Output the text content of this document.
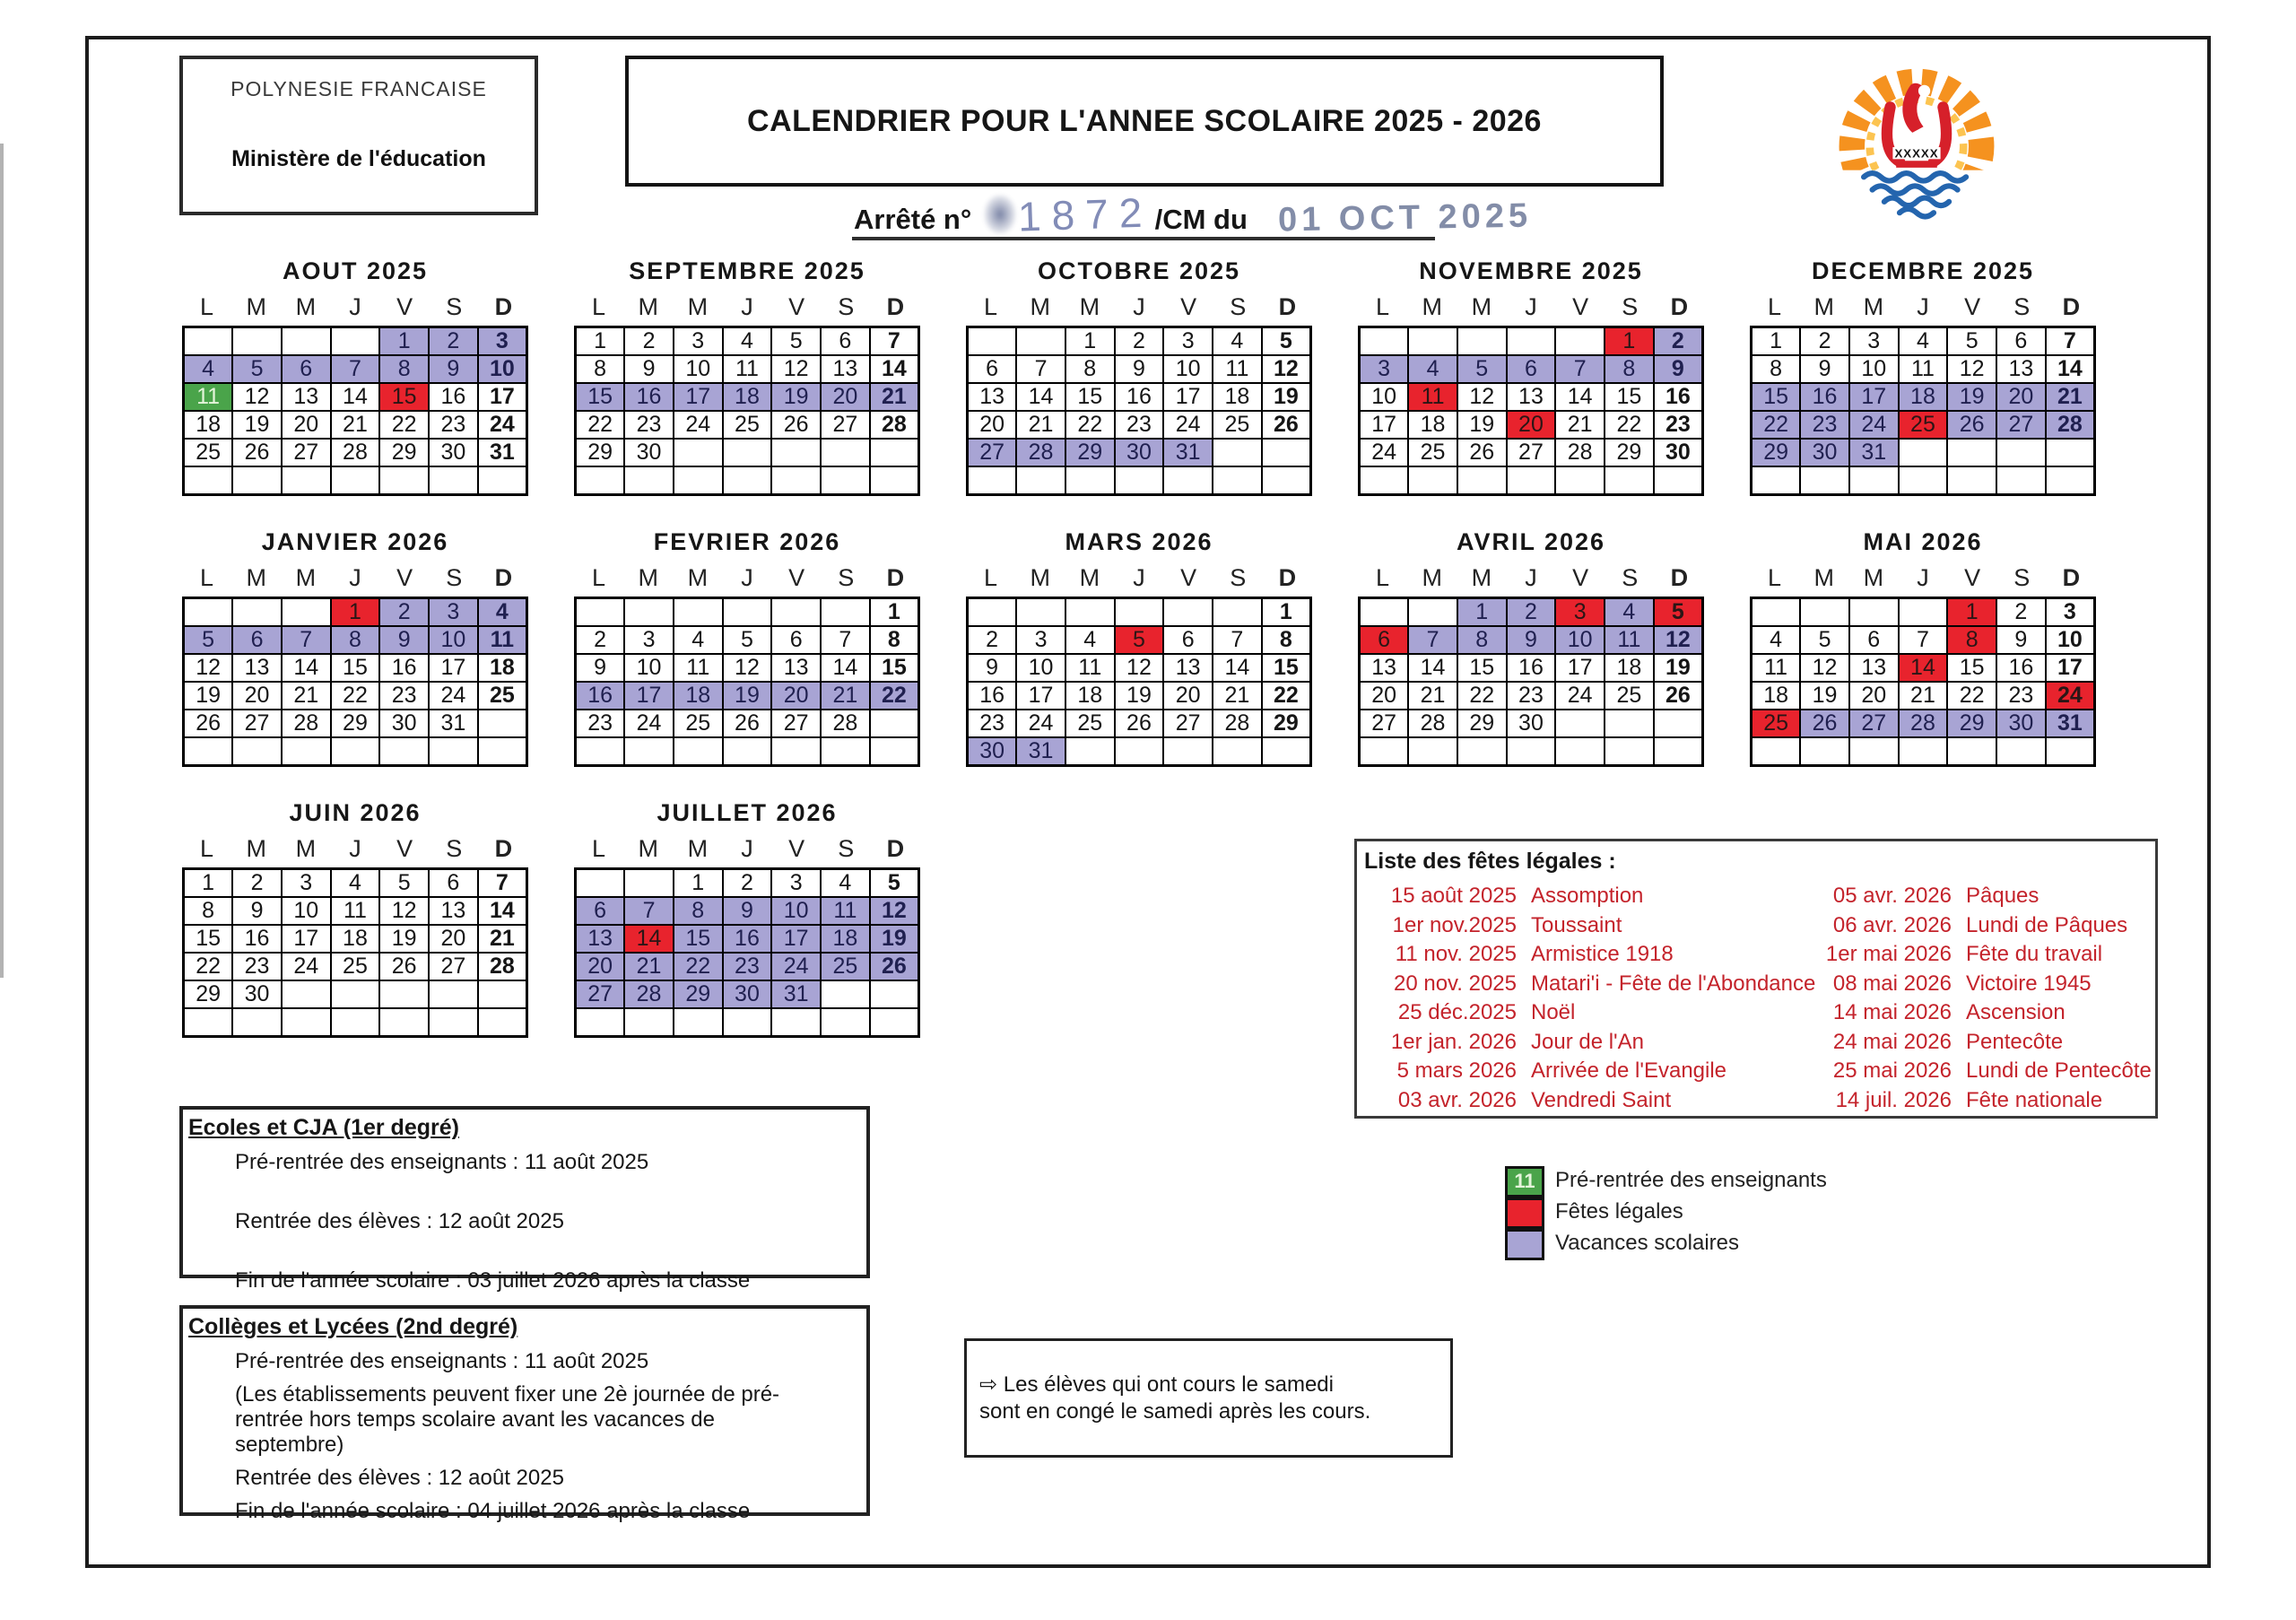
POLYNESIE FRANCAISE
Ministère de l'éducation
CALENDRIER POUR L'ANNEE SCOLAIRE 2025 - 2026
Arrêté n° 1872 /CM du 01 OCT 2025
XXXXX
AOUT 2025
L	M	M	J	V	S	D
				1	2	3
4	5	6	7	8	9	10
11	12	13	14	15	16	17
18	19	20	21	22	23	24
25	26	27	28	29	30	31

SEPTEMBRE 2025
L	M	M	J	V	S	D
1	2	3	4	5	6	7
8	9	10	11	12	13	14
15	16	17	18	19	20	21
22	23	24	25	26	27	28
29	30					

OCTOBRE 2025
L	M	M	J	V	S	D
		1	2	3	4	5
6	7	8	9	10	11	12
13	14	15	16	17	18	19
20	21	22	23	24	25	26
27	28	29	30	31		

NOVEMBRE 2025
L	M	M	J	V	S	D
					1	2
3	4	5	6	7	8	9
10	11	12	13	14	15	16
17	18	19	20	21	22	23
24	25	26	27	28	29	30

DECEMBRE 2025
L	M	M	J	V	S	D
1	2	3	4	5	6	7
8	9	10	11	12	13	14
15	16	17	18	19	20	21
22	23	24	25	26	27	28
29	30	31				

JANVIER 2026
L	M	M	J	V	S	D
			1	2	3	4
5	6	7	8	9	10	11
12	13	14	15	16	17	18
19	20	21	22	23	24	25
26	27	28	29	30	31	

FEVRIER 2026
L	M	M	J	V	S	D
						1
2	3	4	5	6	7	8
9	10	11	12	13	14	15
16	17	18	19	20	21	22
23	24	25	26	27	28	

MARS 2026
L	M	M	J	V	S	D
						1
2	3	4	5	6	7	8
9	10	11	12	13	14	15
16	17	18	19	20	21	22
23	24	25	26	27	28	29
30	31					
AVRIL 2026
L	M	M	J	V	S	D
		1	2	3	4	5
6	7	8	9	10	11	12
13	14	15	16	17	18	19
20	21	22	23	24	25	26
27	28	29	30			

MAI 2026
L	M	M	J	V	S	D
				1	2	3
4	5	6	7	8	9	10
11	12	13	14	15	16	17
18	19	20	21	22	23	24
25	26	27	28	29	30	31

JUIN 2026
L	M	M	J	V	S	D
1	2	3	4	5	6	7
8	9	10	11	12	13	14
15	16	17	18	19	20	21
22	23	24	25	26	27	28
29	30					

JUILLET 2026
L	M	M	J	V	S	D
		1	2	3	4	5
6	7	8	9	10	11	12
13	14	15	16	17	18	19
20	21	22	23	24	25	26
27	28	29	30	31		

Liste des fêtes légales :
15 août 2025 Assomption
1er nov.2025 Toussaint
11 nov. 2025 Armistice 1918
20 nov. 2025 Matari'i - Fête de l'Abondance
25 déc.2025 Noël
1er jan. 2026 Jour de l'An
5 mars 2026 Arrivée de l'Evangile
03 avr. 2026 Vendredi Saint
05 avr. 2026 Pâques
06 avr. 2026 Lundi de Pâques
1er mai 2026 Fête du travail
08 mai 2026 Victoire 1945
14 mai 2026 Ascension
24 mai 2026 Pentecôte
25 mai 2026 Lundi de Pentecôte
14 juil. 2026 Fête nationale
11 Pré-rentrée des enseignants
Fêtes légales
Vacances scolaires
Ecoles et CJA (1er degré)
Pré-rentrée des enseignants : 11 août 2025
Rentrée des élèves : 12 août 2025
Fin de l'année scolaire : 03 juillet 2026 après la classe
Collèges et Lycées (2nd degré)
Pré-rentrée des enseignants : 11 août 2025
(Les établissements peuvent fixer une 2è journée de pré-rentrée hors temps scolaire avant les vacances de septembre)
Rentrée des élèves : 12 août 2025
Fin de l'année scolaire : 04 juillet 2026 après la classe
⇨ Les élèves qui ont cours le samedi sont en congé le samedi après les cours.
